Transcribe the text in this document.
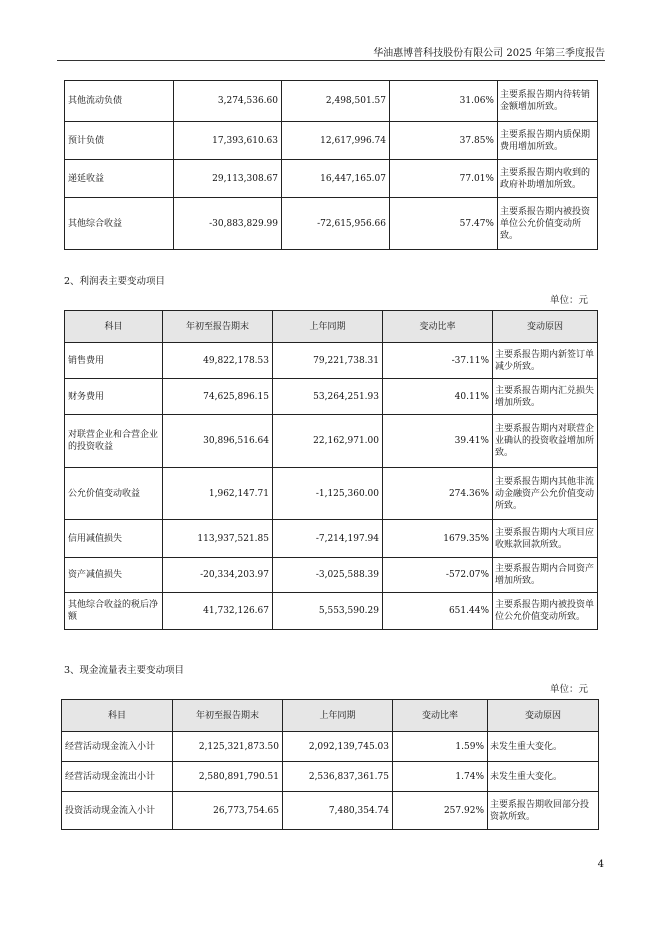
华油惠博普科技股份有限公司 2025 年第三季度报告
其他流动负债	3,274,536.60	2,498,501.57	31.06%	主要系报告期内待转销金额增加所致。
预计负债	17,393,610.63	12,617,996.74	37.85%	主要系报告期内质保期费用增加所致。
递延收益	29,113,308.67	16,447,165.07	77.01%	主要系报告期内收到的政府补助增加所致。
其他综合收益	-30,883,829.99	-72,615,956.66	57.47%	主要系报告期内被投资单位公允价值变动所致。
2、利润表主要变动项目
单位：元
科目	年初至报告期末	上年同期	变动比率	变动原因
销售费用	49,822,178.53	79,221,738.31	-37.11%	主要系报告期内新签订单减少所致。
财务费用	74,625,896.15	53,264,251.93	40.11%	主要系报告期内汇兑损失增加所致。
对联营企业和合营企业的投资收益	30,896,516.64	22,162,971.00	39.41%	主要系报告期内对联营企业确认的投资收益增加所致。
公允价值变动收益	1,962,147.71	-1,125,360.00	274.36%	主要系报告期内其他非流动金融资产公允价值变动所致。
信用减值损失	113,937,521.85	-7,214,197.94	1679.35%	主要系报告期内大项目应收账款回款所致。
资产减值损失	-20,334,203.97	-3,025,588.39	-572.07%	主要系报告期内合同资产增加所致。
其他综合收益的税后净额	41,732,126.67	5,553,590.29	651.44%	主要系报告期内被投资单位公允价值变动所致。
3、现金流量表主要变动项目
单位：元
科目	年初至报告期末	上年同期	变动比率	变动原因
经营活动现金流入小计	2,125,321,873.50	2,092,139,745.03	1.59%	未发生重大变化。
经营活动现金流出小计	2,580,891,790.51	2,536,837,361.75	1.74%	未发生重大变化。
投资活动现金流入小计	26,773,754.65	7,480,354.74	257.92%	主要系报告期收回部分投资款所致。
4
